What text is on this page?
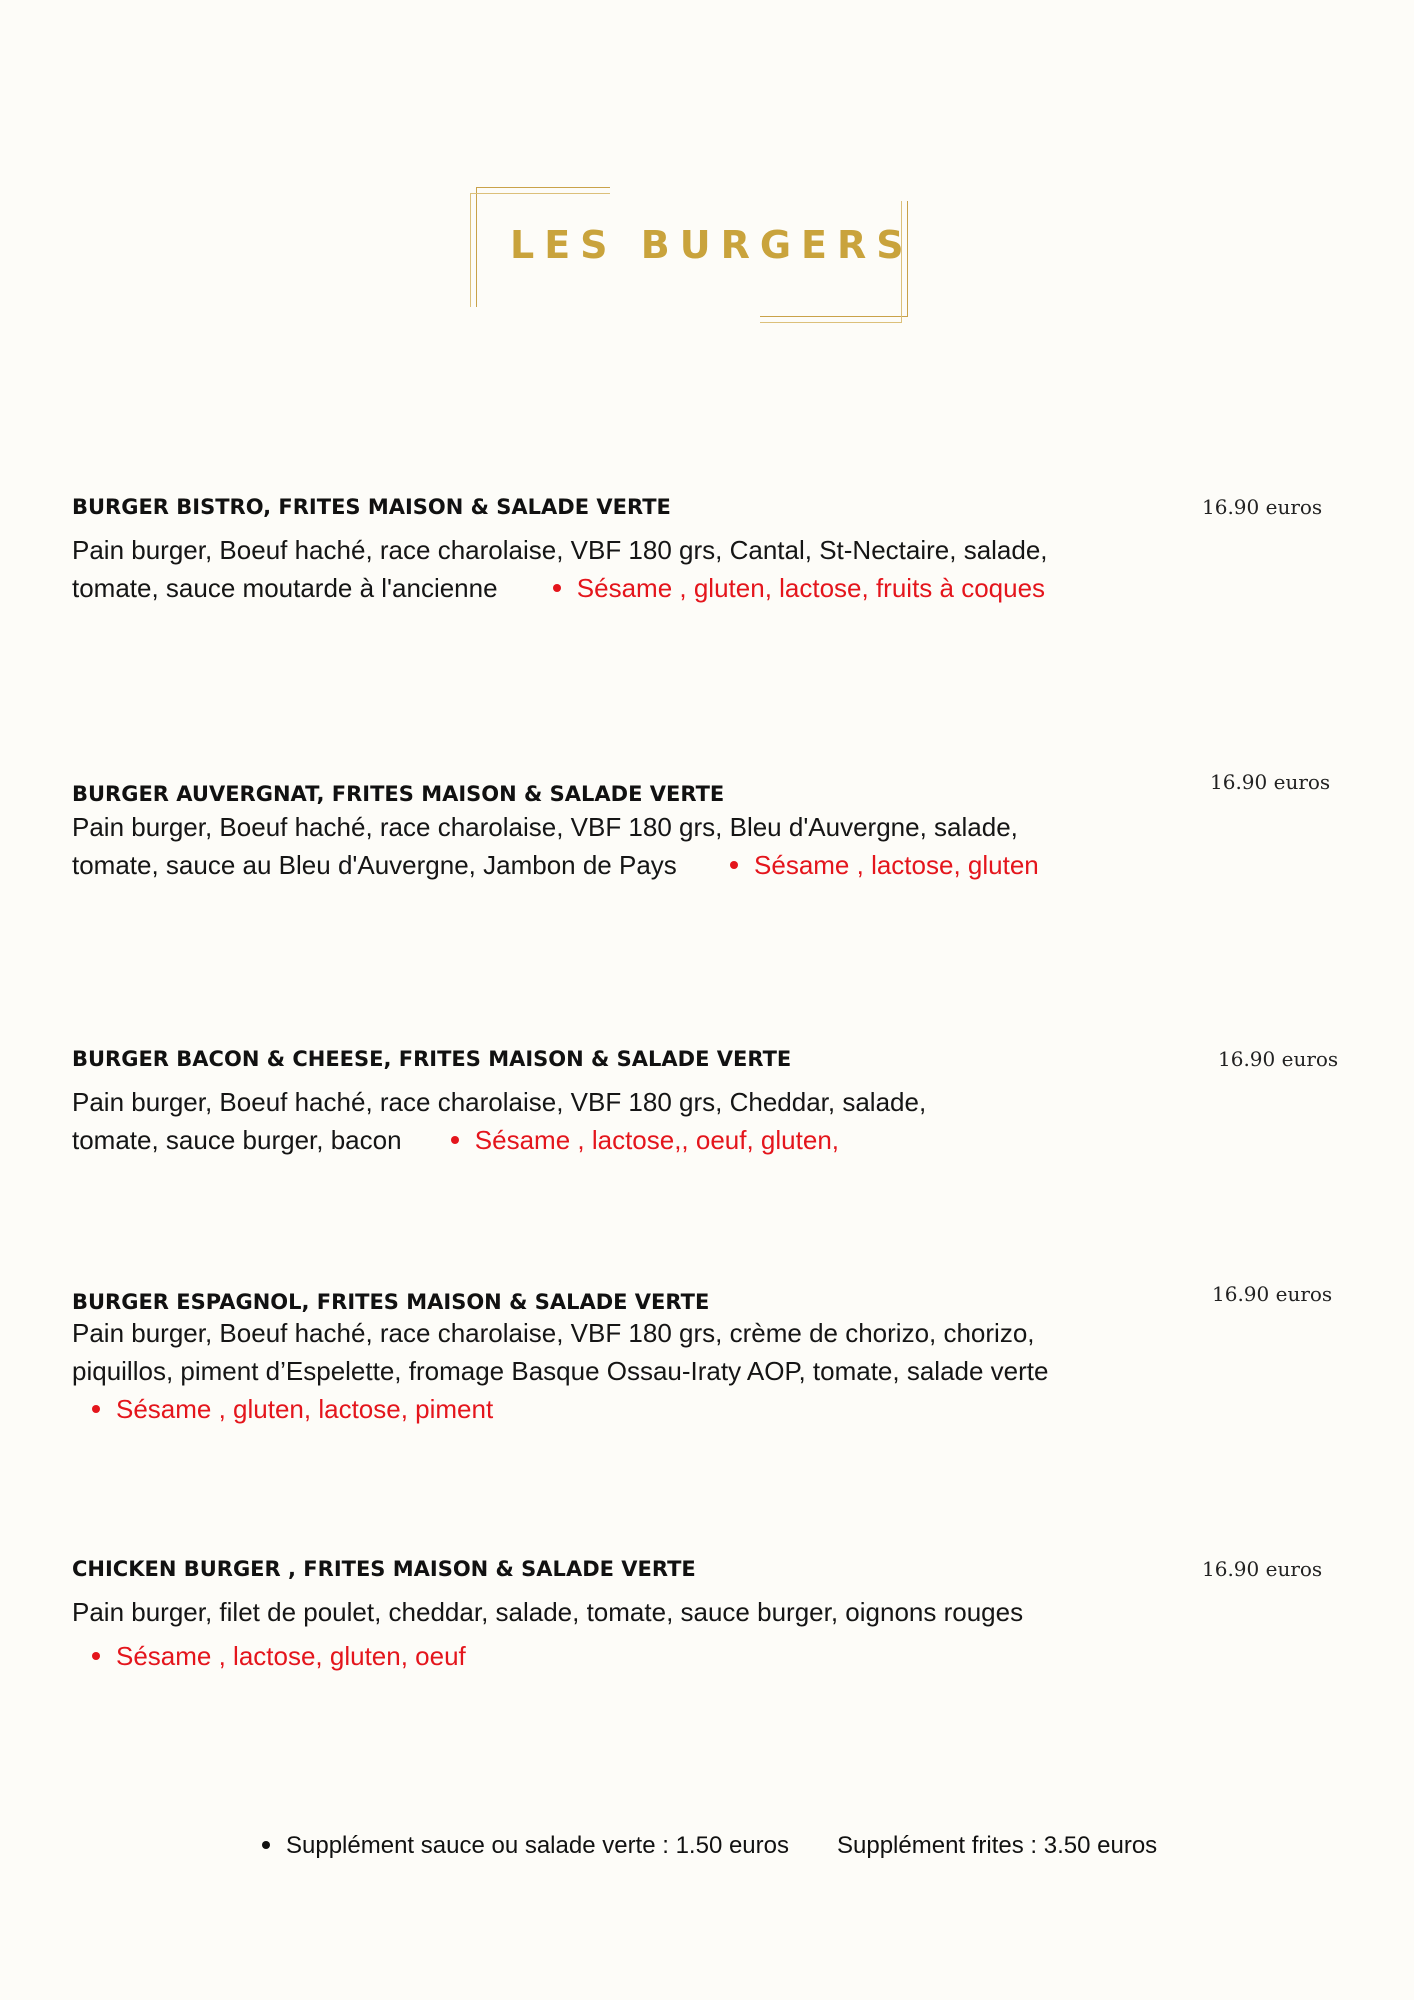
LES BURGERS
BURGER BISTRO, FRITES MAISON & SALADE VERTE	16.90 euros
Pain burger, Boeuf haché, race charolaise, VBF 180 grs, Cantal, St-Nectaire, salade,
tomate, sauce moutarde à l'ancienne	Sésame , gluten, lactose, fruits à coques
BURGER AUVERGNAT, FRITES MAISON & SALADE VERTE	16.90 euros
Pain burger, Boeuf haché, race charolaise, VBF 180 grs, Bleu d'Auvergne, salade,
tomate, sauce au Bleu d'Auvergne, Jambon de Pays	Sésame , lactose, gluten
BURGER BACON & CHEESE, FRITES MAISON & SALADE VERTE	16.90 euros
Pain burger, Boeuf haché, race charolaise, VBF 180 grs, Cheddar, salade,
tomate, sauce burger, bacon	Sésame , lactose,, oeuf, gluten,
BURGER ESPAGNOL, FRITES MAISON & SALADE VERTE	16.90 euros
Pain burger, Boeuf haché, race charolaise, VBF 180 grs, crème de chorizo, chorizo,
piquillos, piment d’Espelette, fromage Basque Ossau-Iraty AOP, tomate, salade verte
Sésame , gluten, lactose, piment
CHICKEN BURGER , FRITES MAISON & SALADE VERTE	16.90 euros
Pain burger, filet de poulet, cheddar, salade, tomate, sauce burger, oignons rouges
Sésame , lactose, gluten, oeuf
Supplément sauce ou salade verte : 1.50 euros Supplément frites : 3.50 euros
